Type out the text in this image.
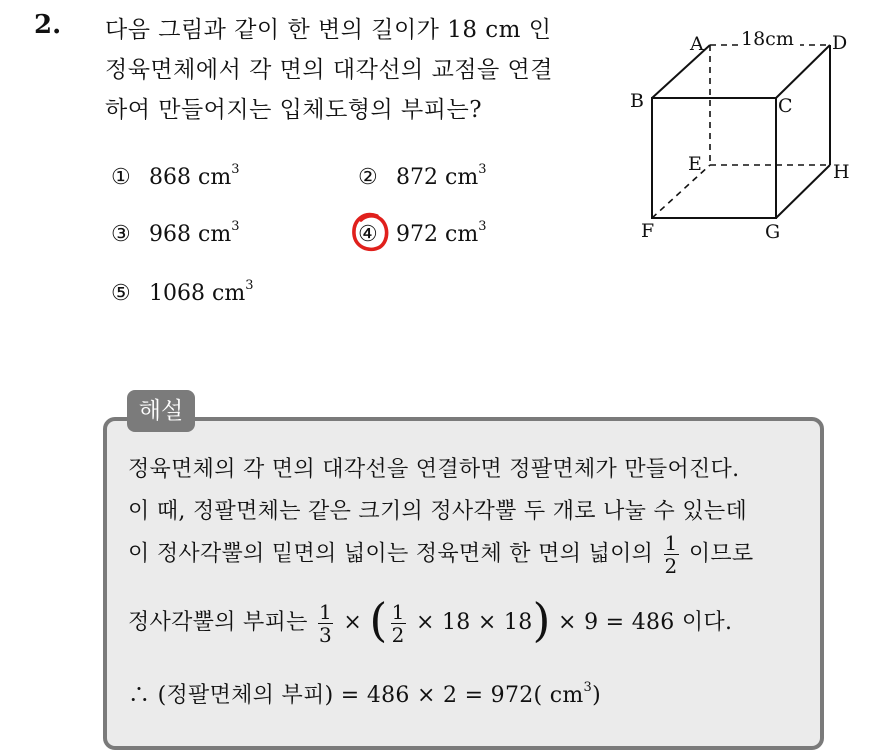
2. 다음 그림과 같이 한 변의 길이가 18 cm 인
정육면체에서 각 면의 대각선의 교점을 연결
하여 만들어지는 입체도형의 부피는?
① 868 $cm^3$	② 872 $cm^3$
③ 968 $cm^3$	④ 972 $cm^3$
⑤ 1068 $cm^3$
18cm
A	D
B	C
E	H
F	G
해설
정육면체의 각 면의 대각선을 연결하면 정팔면체가 만들어진다.
이 때, 정팔면체는 같은 크기의 정사각뿔 두 개로 나눌 수 있는데
이 정사각뿔의 밑면의 넓이는 정육면체 한 면의 넓이의 $\frac{1}{2}$ 이므로
정사각뿔의 부피는 $\frac{1}{3}$ × ( $\frac{1}{2} \times 18 \times 18) \times 9 = 486$ 이다.
∴ (정팔면체의 부피) = 486 × 2 = 972( $cm^3$)
